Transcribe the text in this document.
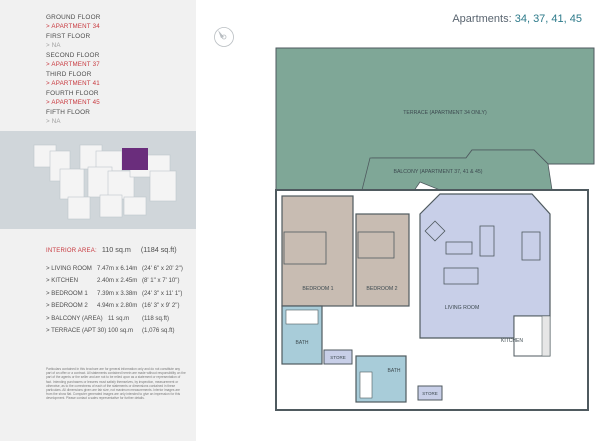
GROUND FLOOR
> APARTMENT 34
FIRST FLOOR
> NA
SECOND FLOOR
> APARTMENT 37
THIRD FLOOR
> APARTMENT 41
FOURTH FLOOR
> APARTMENT 45
FIFTH FLOOR
> NA
INTERIOR AREA: 110 sq.m (1184 sq.ft)
> LIVING ROOM 7.47m x 6.14m (24' 6" x 20' 2")
> KITCHEN	2.40m x 2.45m (8' 1" x 7' 10")
> BEDROOM 1 7.39m x 3.38m (24' 3" x 11' 1")
> BEDROOM 2 4.94m x 2.80m (16' 3" x 9' 2")
> BALCONY (AREA) 11 sq.m (118 sq.ft)
> TERRACE (APT 30) 100 sq.m (1,076 sq.ft)
Particulars contained in this brochure are for general information only and do not constitute any part of an offer or a contract. All statements contained herein are made without responsibility on the part of the agents or the seller and are not to be relied upon as a statement or representation of fact. Intending purchasers or lessees must satisfy themselves, by inspection, measurement or otherwise, as to the correctness of each of the statements or dimensions contained in these particulars. All dimensions given are fair size, not maximum measurements. Interior images are from the show flat. Computer generated images are only intended to give an impression for this development. Please contact a sales representative for further details.
Apartments: 34, 37, 41, 45
TERRACE (APARTMENT 34 ONLY)
BALCONY (APARTMENT 37, 41 & 45)
BEDROOM 1	BEDROOM 2
LIVING ROOM
KITCHEN
BATH
BATH
STORE
STORE
